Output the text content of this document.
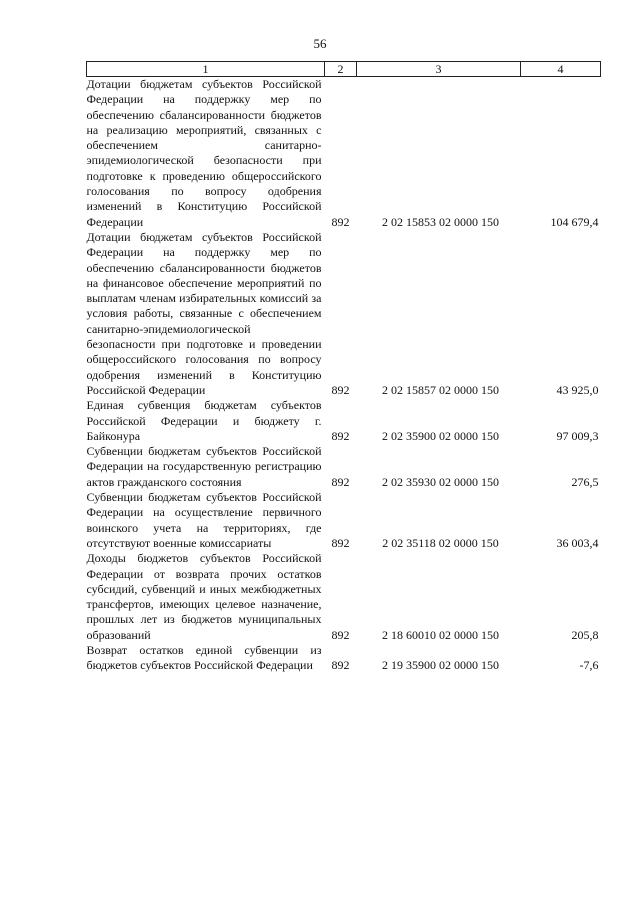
56
1	2	3	4
Дотации бюджетам субъектов Российской Федерации на поддержку мер по обеспечению сбалансированности бюджетов на реализацию мероприятий, связанных с обеспечением санитарно-эпидемиологической безопасности при подготовке к проведению общероссийского голосования по вопросу одобрения изменений в Конституцию Российской Федерации	892	2 02 15853 02 0000 150	104 679,4
Дотации бюджетам субъектов Российской Федерации на поддержку мер по обеспечению сбалансированности бюджетов на финансовое обеспечение мероприятий по выплатам членам избирательных комиссий за условия работы, связанные с обеспечением санитарно-эпидемиологической безопасности при подготовке и проведении общероссийского голосования по вопросу одобрения изменений в Конституцию Российской Федерации	892	2 02 15857 02 0000 150	43 925,0
Единая субвенция бюджетам субъектов Российской Федерации и бюджету г. Байконура	892	2 02 35900 02 0000 150	97 009,3
Субвенции бюджетам субъектов Российской Федерации на государственную регистрацию актов гражданского состояния	892	2 02 35930 02 0000 150	276,5
Субвенции бюджетам субъектов Российской Федерации на осуществление первичного воинского учета на территориях, где отсутствуют военные комиссариаты	892	2 02 35118 02 0000 150	36 003,4
Доходы бюджетов субъектов Российской Федерации от возврата прочих остатков субсидий, субвенций и иных межбюджетных трансфертов, имеющих целевое назначение, прошлых лет из бюджетов муниципальных образований	892	2 18 60010 02 0000 150	205,8
Возврат остатков единой субвенции из бюджетов субъектов Российской Федерации	892	2 19 35900 02 0000 150	-7,6
